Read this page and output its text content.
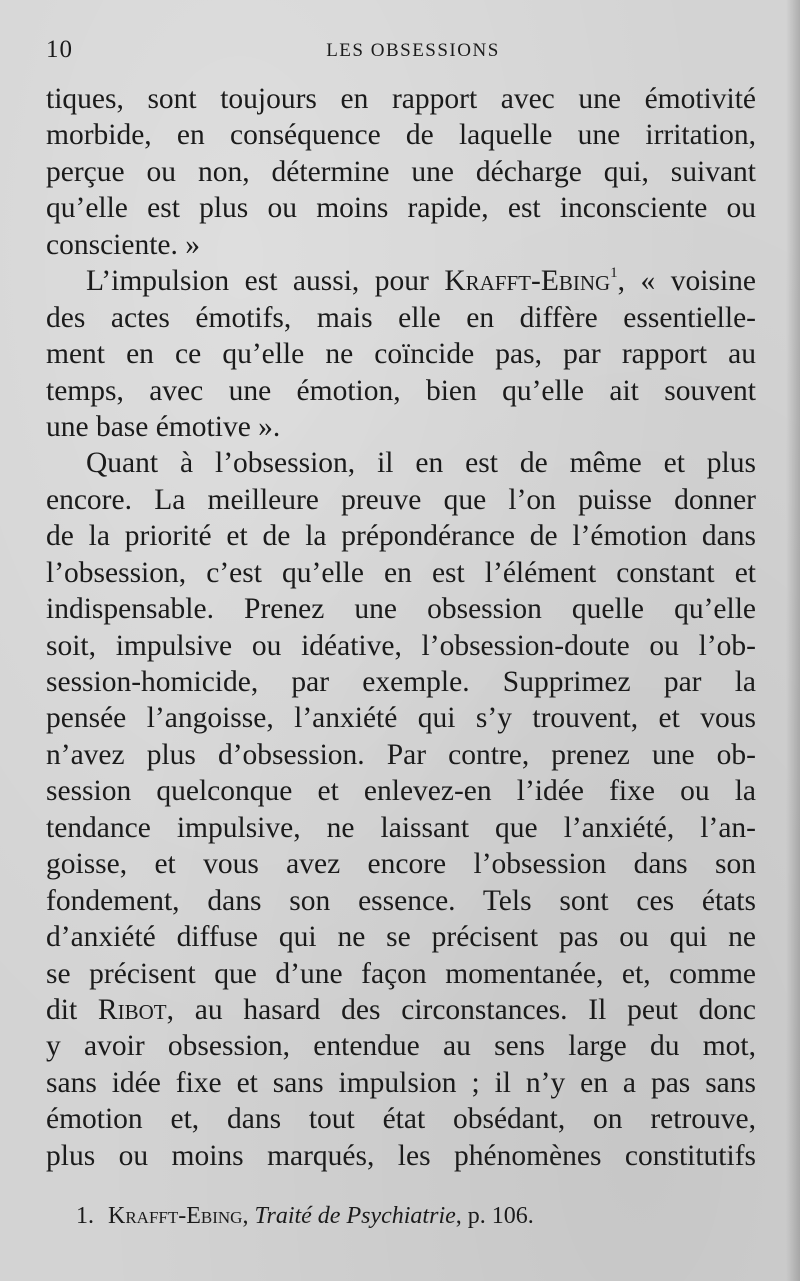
10	LES OBSESSIONS
tiques, sont toujours en rapport avec une émotivité
morbide, en conséquence de laquelle une irritation,
perçue ou non, détermine une décharge qui, suivant
qu’elle est plus ou moins rapide, est inconsciente ou
consciente. »
L’impulsion est aussi, pour Krafft-Ebing$^1$, « voisine
des actes émotifs, mais elle en diffère essentielle-
ment en ce qu’elle ne coïncide pas, par rapport au
temps, avec une émotion, bien qu’elle ait souvent
une base émotive ».
Quant à l’obsession, il en est de même et plus
encore. La meilleure preuve que l’on puisse donner
de la priorité et de la prépondérance de l’émotion dans
l’obsession, c’est qu’elle en est l’élément constant et
indispensable. Prenez une obsession quelle qu’elle
soit, impulsive ou idéative, l’obsession-doute ou l’ob-
session-homicide, par exemple. Supprimez par la
pensée l’angoisse, l’anxiété qui s’y trouvent, et vous
n’avez plus d’obsession. Par contre, prenez une ob-
session quelconque et enlevez-en l’idée fixe ou la
tendance impulsive, ne laissant que l’anxiété, l’an-
goisse, et vous avez encore l’obsession dans son
fondement, dans son essence. Tels sont ces états
d’anxiété diffuse qui ne se précisent pas ou qui ne
se précisent que d’une façon momentanée, et, comme
dit Ribot, au hasard des circonstances. Il peut donc
y avoir obsession, entendue au sens large du mot,
sans idée fixe et sans impulsion ; il n’y en a pas sans
émotion et, dans tout état obsédant, on retrouve,
plus ou moins marqués, les phénomènes constitutifs
1. Krafft-Ebing, Traité de Psychiatrie, p. 106.
